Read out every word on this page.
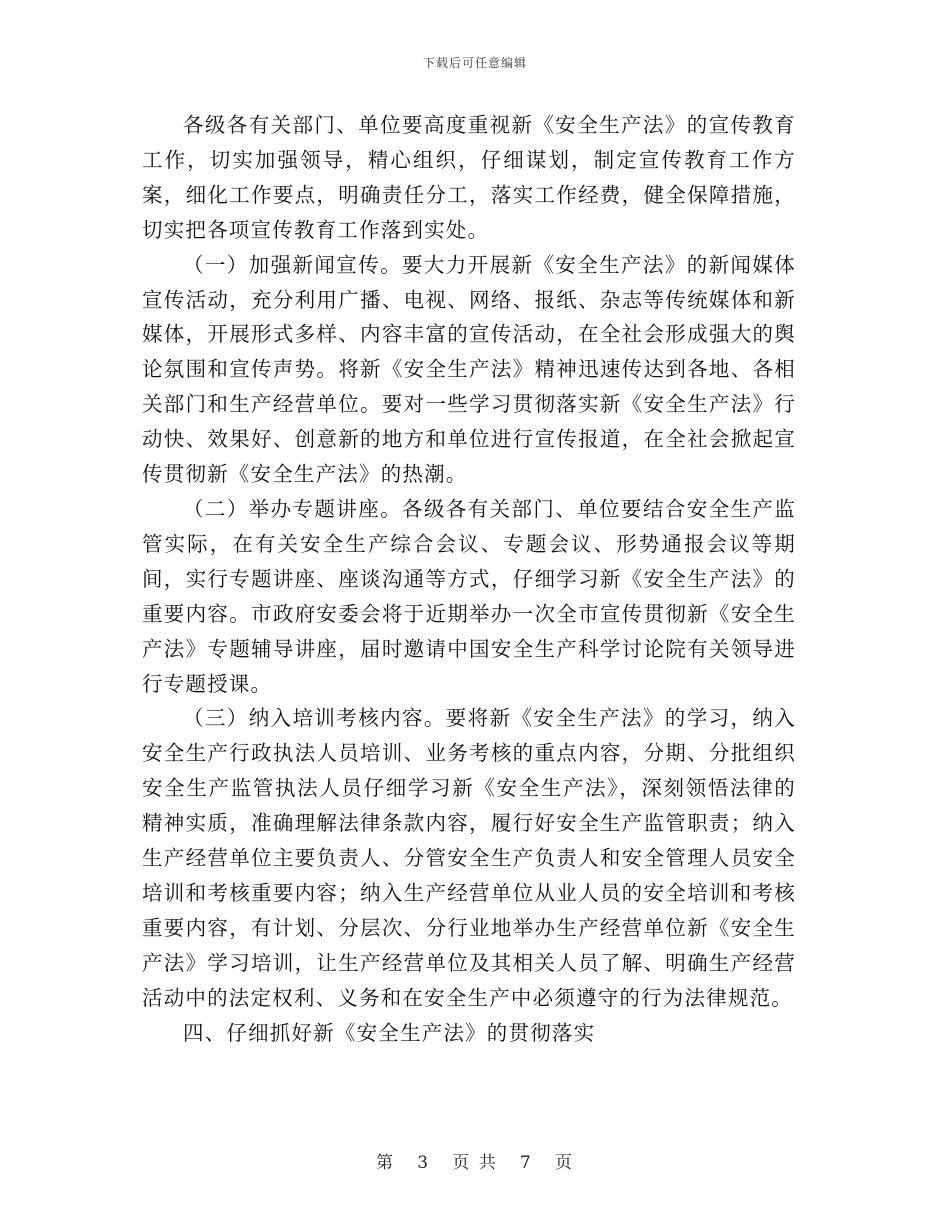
下载后可任意编辑

各级各有关部门、单位要高度重视新《安全生产法》的宣传教育工作，切实加强领导，精心组织，仔细谋划，制定宣传教育工作方案，细化工作要点，明确责任分工，落实工作经费，健全保障措施，切实把各项宣传教育工作落到实处。

（一）加强新闻宣传。要大力开展新《安全生产法》的新闻媒体宣传活动，充分利用广播、电视、网络、报纸、杂志等传统媒体和新媒体，开展形式多样、内容丰富的宣传活动，在全社会形成强大的舆论氛围和宣传声势。将新《安全生产法》精神迅速传达到各地、各相关部门和生产经营单位。要对一些学习贯彻落实新《安全生产法》行动快、效果好、创意新的地方和单位进行宣传报道，在全社会掀起宣传贯彻新《安全生产法》的热潮。

（二）举办专题讲座。各级各有关部门、单位要结合安全生产监管实际，在有关安全生产综合会议、专题会议、形势通报会议等期间，实行专题讲座、座谈沟通等方式，仔细学习新《安全生产法》的重要内容。市政府安委会将于近期举办一次全市宣传贯彻新《安全生产法》专题辅导讲座，届时邀请中国安全生产科学讨论院有关领导进行专题授课。

（三）纳入培训考核内容。要将新《安全生产法》的学习，纳入安全生产行政执法人员培训、业务考核的重点内容，分期、分批组织安全生产监管执法人员仔细学习新《安全生产法》，深刻领悟法律的精神实质，准确理解法律条款内容，履行好安全生产监管职责；纳入生产经营单位主要负责人、分管安全生产负责人和安全管理人员安全培训和考核重要内容；纳入生产经营单位从业人员的安全培训和考核重要内容，有计划、分层次、分行业地举办生产经营单位新《安全生产法》学习培训，让生产经营单位及其相关人员了解、明确生产经营活动中的法定权利、义务和在安全生产中必须遵守的行为法律规范。

四、仔细抓好新《安全生产法》的贯彻落实

第 3 页 共 7 页
